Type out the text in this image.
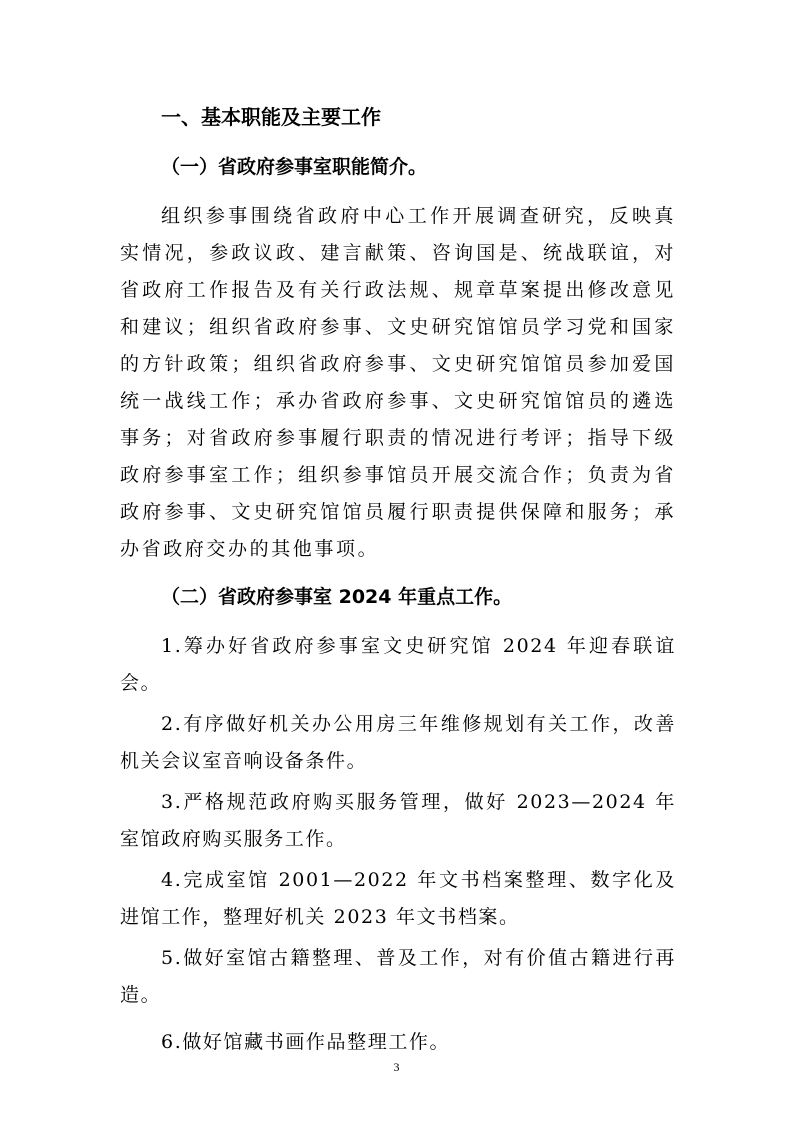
一、基本职能及主要工作

（一）省政府参事室职能简介。

组织参事围绕省政府中心工作开展调查研究，反映真实情况，参政议政、建言献策、咨询国是、统战联谊，对省政府工作报告及有关行政法规、规章草案提出修改意见和建议；组织省政府参事、文史研究馆馆员学习党和国家的方针政策；组织省政府参事、文史研究馆馆员参加爱国统一战线工作；承办省政府参事、文史研究馆馆员的遴选事务；对省政府参事履行职责的情况进行考评；指导下级政府参事室工作；组织参事馆员开展交流合作；负责为省政府参事、文史研究馆馆员履行职责提供保障和服务；承办省政府交办的其他事项。

（二）省政府参事室 2024 年重点工作。

1.筹办好省政府参事室文史研究馆 2024 年迎春联谊会。

2.有序做好机关办公用房三年维修规划有关工作，改善机关会议室音响设备条件。

3.严格规范政府购买服务管理，做好 2023—2024 年室馆政府购买服务工作。

4.完成室馆 2001—2022 年文书档案整理、数字化及进馆工作，整理好机关 2023 年文书档案。

5.做好室馆古籍整理、普及工作，对有价值古籍进行再造。

6.做好馆藏书画作品整理工作。

3
